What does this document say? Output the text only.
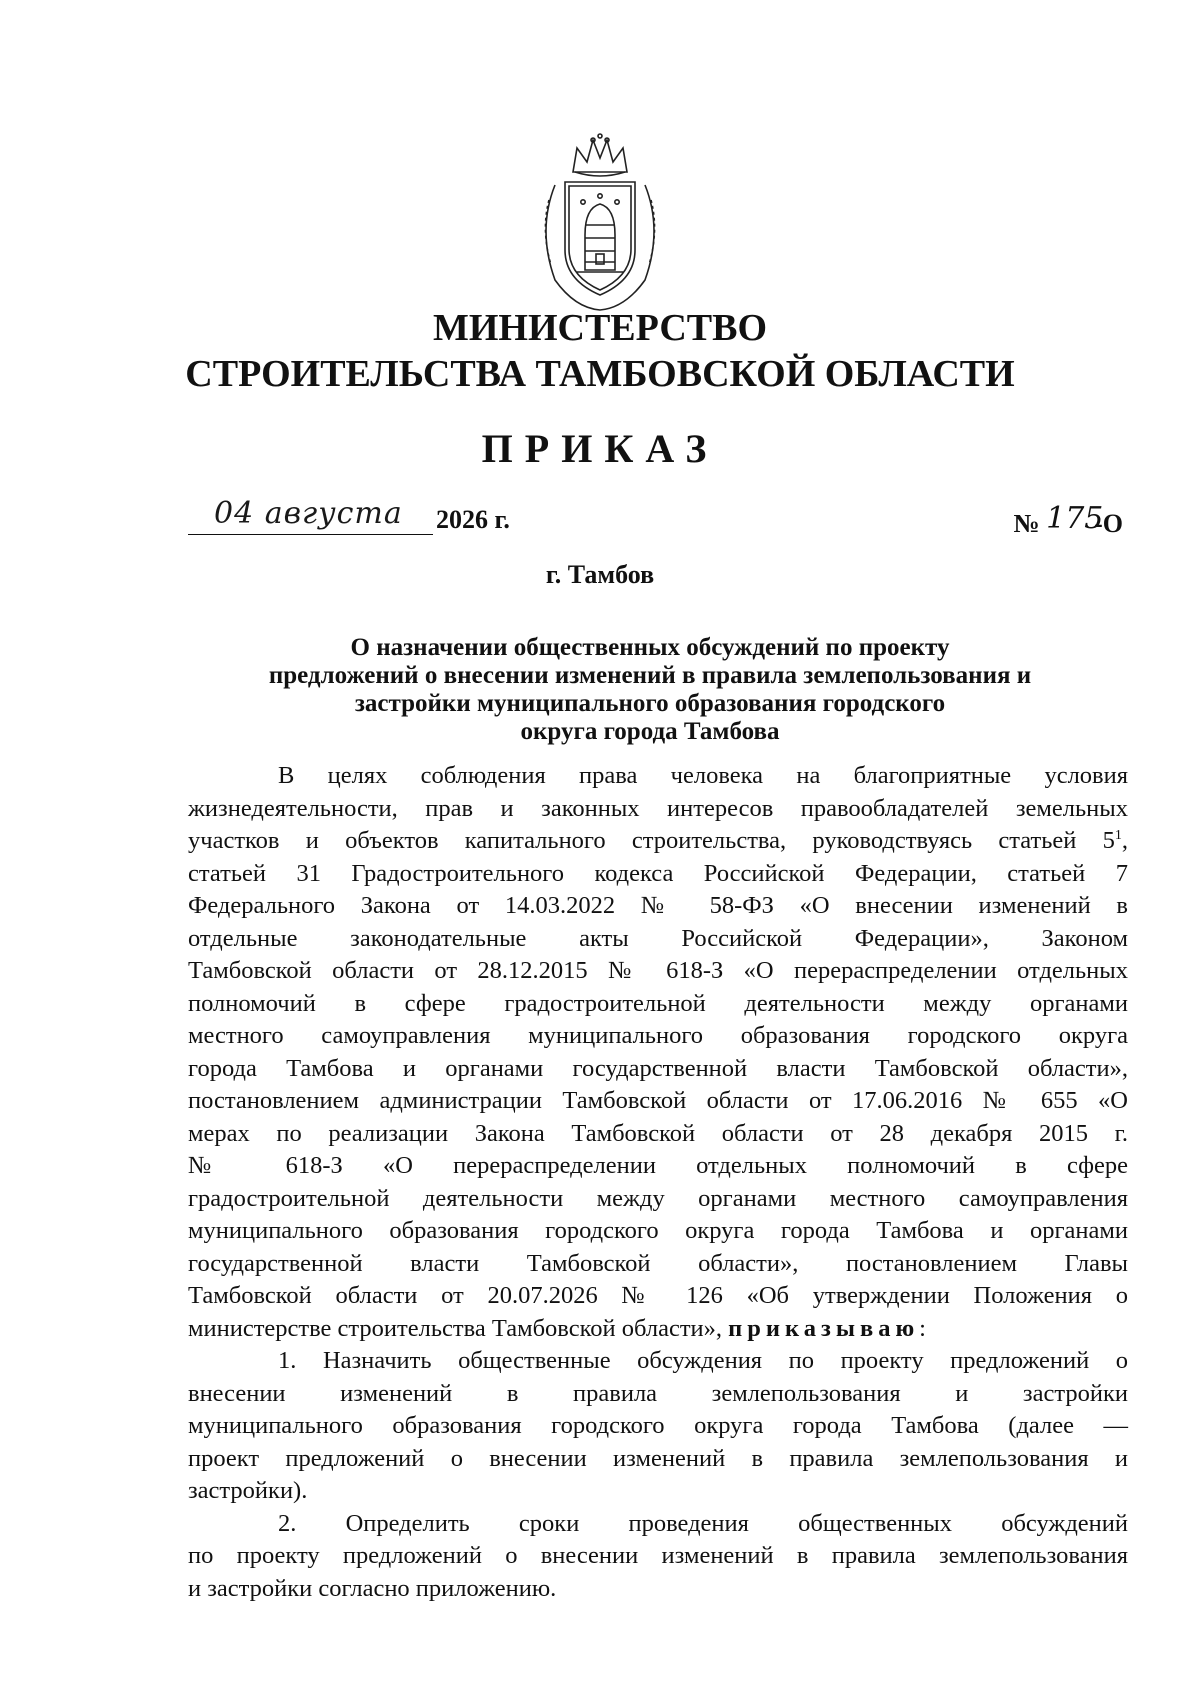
МИНИСТЕРСТВО
СТРОИТЕЛЬСТВА ТАМБОВСКОЙ ОБЛАСТИ
ПРИКАЗ
04 августа 2026 г.	№ 175-О
г. Тамбов
О назначении общественных обсуждений по проекту
предложений о внесении изменений в правила землепользования и
застройки муниципального образования городского
округа города Тамбова
В целях соблюдения права человека на благоприятные условия
жизнедеятельности, прав и законных интересов правообладателей земельных
участков и объектов капитального строительства, руководствуясь статьей $5^1$,
статьей 31 Градостроительного кодекса Российской Федерации, статьей 7
Федерального Закона от 14.03.2022 № 58-ФЗ «О внесении изменений в
отдельные законодательные акты Российской Федерации», Законом
Тамбовской области от 28.12.2015 № 618-З «О перераспределении отдельных
полномочий в сфере градостроительной деятельности между органами
местного самоуправления муниципального образования городского округа
города Тамбова и органами государственной власти Тамбовской области»,
постановлением администрации Тамбовской области от 17.06.2016 № 655 «О
мерах по реализации Закона Тамбовской области от 28 декабря 2015 г.
№ 618-З «О перераспределении отдельных полномочий в сфере
градостроительной деятельности между органами местного самоуправления
муниципального образования городского округа города Тамбова и органами
государственной власти Тамбовской области», постановлением Главы
Тамбовской области от 20.07.2026 № 126 «Об утверждении Положения о
министерстве строительства Тамбовской области», приказываю:
1. Назначить общественные обсуждения по проекту предложений о
внесении изменений в правила землепользования и застройки
муниципального образования городского округа города Тамбова (далее —
проект предложений о внесении изменений в правила землепользования и
застройки).
2. Определить сроки проведения общественных обсуждений
по проекту предложений о внесении изменений в правила землепользования
и застройки согласно приложению.
